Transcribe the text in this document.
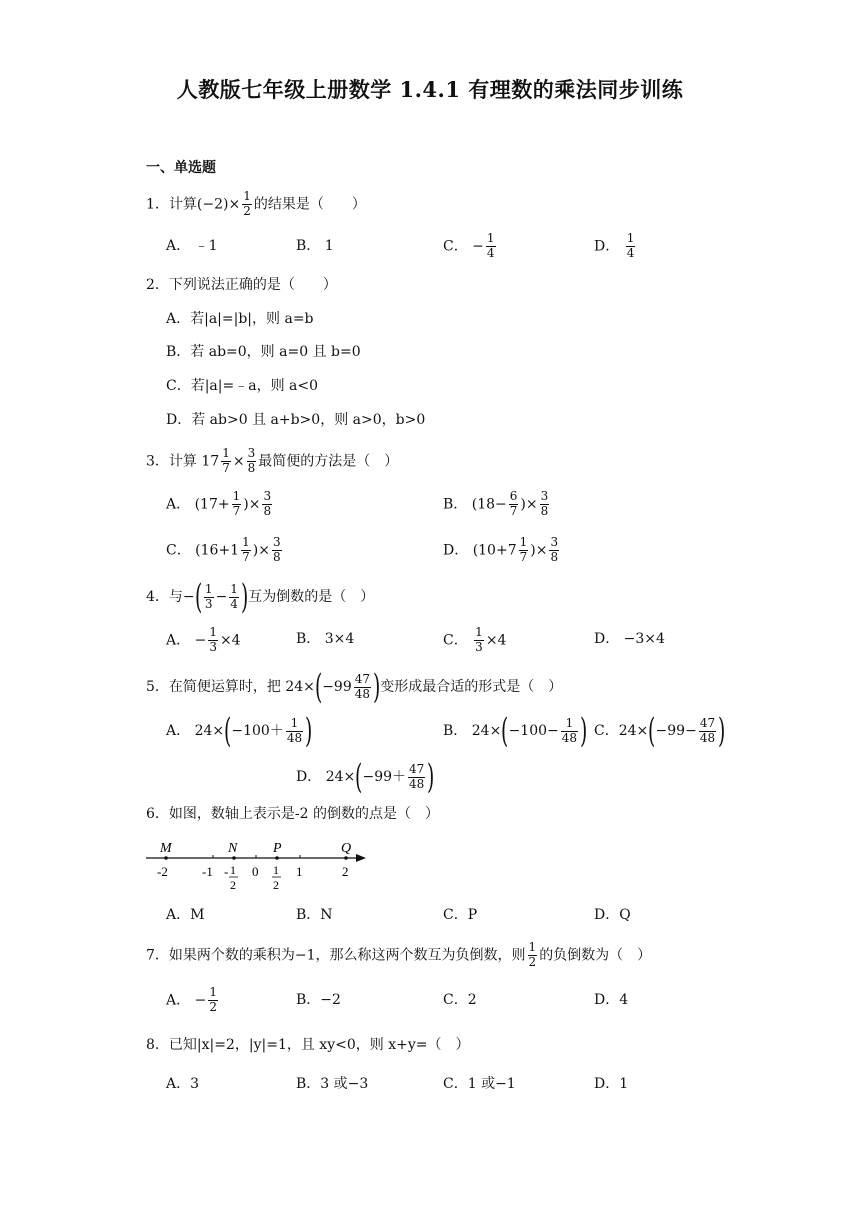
人教版七年级上册数学 1.4.1 有理数的乘法同步训练
一、单选题
1．计算$(-2)\times \frac{1}{2}$ 的结果是（　　）
A． ﹣1	B． 1	C． − $\frac{1}{4}$	D． $\frac{1}{4}$
2．下列说法正确的是（　　）
A．若|a|=|b|，则 a=b
B．若 ab=0，则 a=0 且 b=0
C．若|a|=﹣a，则 a<0
D．若 ab>0 且 a+b>0，则 a>0，b>0
3．计算 $17 \frac{1}{7} \times \frac{3}{8}$ 最简便的方法是（　）
A． ($17+ \frac{1}{7}$ )× $\frac{3}{8}$	B． ($18- \frac{6}{7}$ )× $\frac{3}{8}$
C． ($16+1 \frac{1}{7}$ )× $\frac{3}{8}$	D． ($10+7 \frac{1}{7}$ )× $\frac{3}{8}$
4．与−( $\frac{1}{3} - \frac{1}{4}$ )互为倒数的是（　）
A． − $\frac{1}{3} \times 4$	B． 3×4	C． $\frac{1}{3} \times 4$	D． −3×4
5．在简便运算时，把 $24\times(-99 \frac{47}{48}$ )变形成最合适的形式是（　）
A． $24\times(-100+ \frac{1}{48}$ )	B． $24\times(-100- \frac{1}{48}$ ) C．$24\times(-99- \frac{47}{48}$ )
D． $24\times(-99+ \frac{47}{48}$ )
6．如图，数轴上表示是-2 的倒数的点是（　）
M	N	P	Q
-2	-1	0	1	2
- 1
2
1
2
A．M	B．N	C．P	D．Q
7．如果两个数的乘积为−1，那么称这两个数互为负倒数，则 $\frac{1}{2}$ 的负倒数为（　）
A． − $\frac{1}{2}$	B．−2	C．2	D．4
8．已知|x|=2，|y|=1，且 xy<0，则 x+y=（　）
A．3	B．3 或−3	C．1 或−1	D．1
